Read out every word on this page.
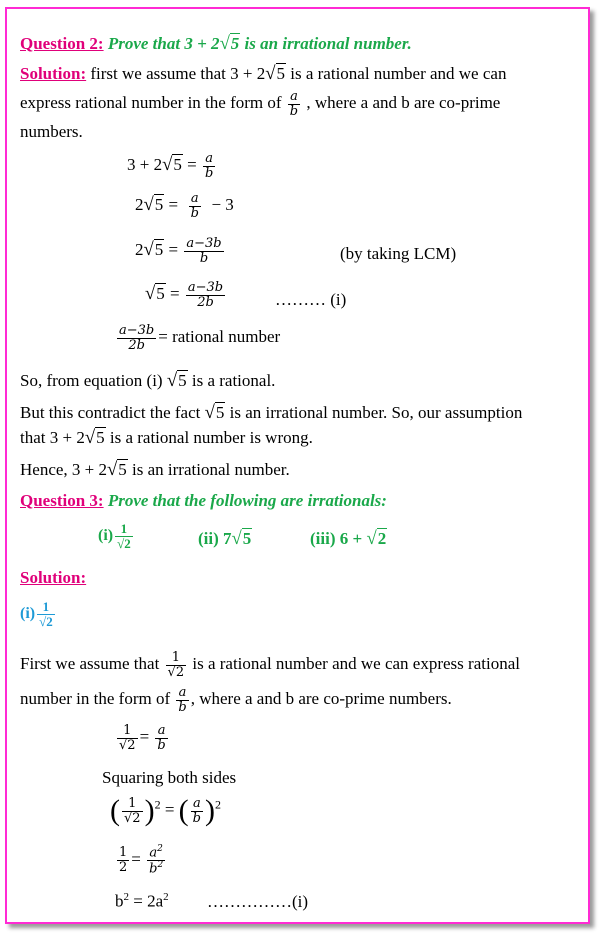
Question 2: Prove that 3 + 2√5 is an irrational number.
Solution: first we assume that 3 + 2√5 is a rational number and we can
express rational number in the form of $\frac{a}{b}$ , where a and b are co-prime
numbers.
$3 + 2√5 = \frac{a}{b}$
$2√5 = \frac{a}{b} - 3$
$2√5 = \frac{a-3b}{b}$	(by taking LCM)
$√5 = \frac{a-3b}{2b}$	……… (i)
$\frac{a-3b}{2b}$ = rational number
So, from equation (i) √5 is a rational.
But this contradict the fact √5 is an irrational number. So, our assumption
that 3 + 2√5 is a rational number is wrong.
Hence, 3 + 2√5 is an irrational number.
Question 3: Prove that the following are irrationals:
$(i) \frac{1}{√2}$	(ii) 7√5	(iii) 6 + √2
Solution:
$(i) \frac{1}{√2}$
First we assume that $\frac{1}{√2}$ is a rational number and we can express rational
number in the form of $\frac{a}{b}$ , where a and b are co-prime numbers.
$\frac{1}{√2} = \frac{a}{b}$
Squaring both sides
( $\frac{1}{√2} )^2$ = ( $\frac{a}{b} )^2$
$\frac{1}{2} = \frac{a^2}{b^2}$
$b^2 = 2a^2$ ……………(i)
